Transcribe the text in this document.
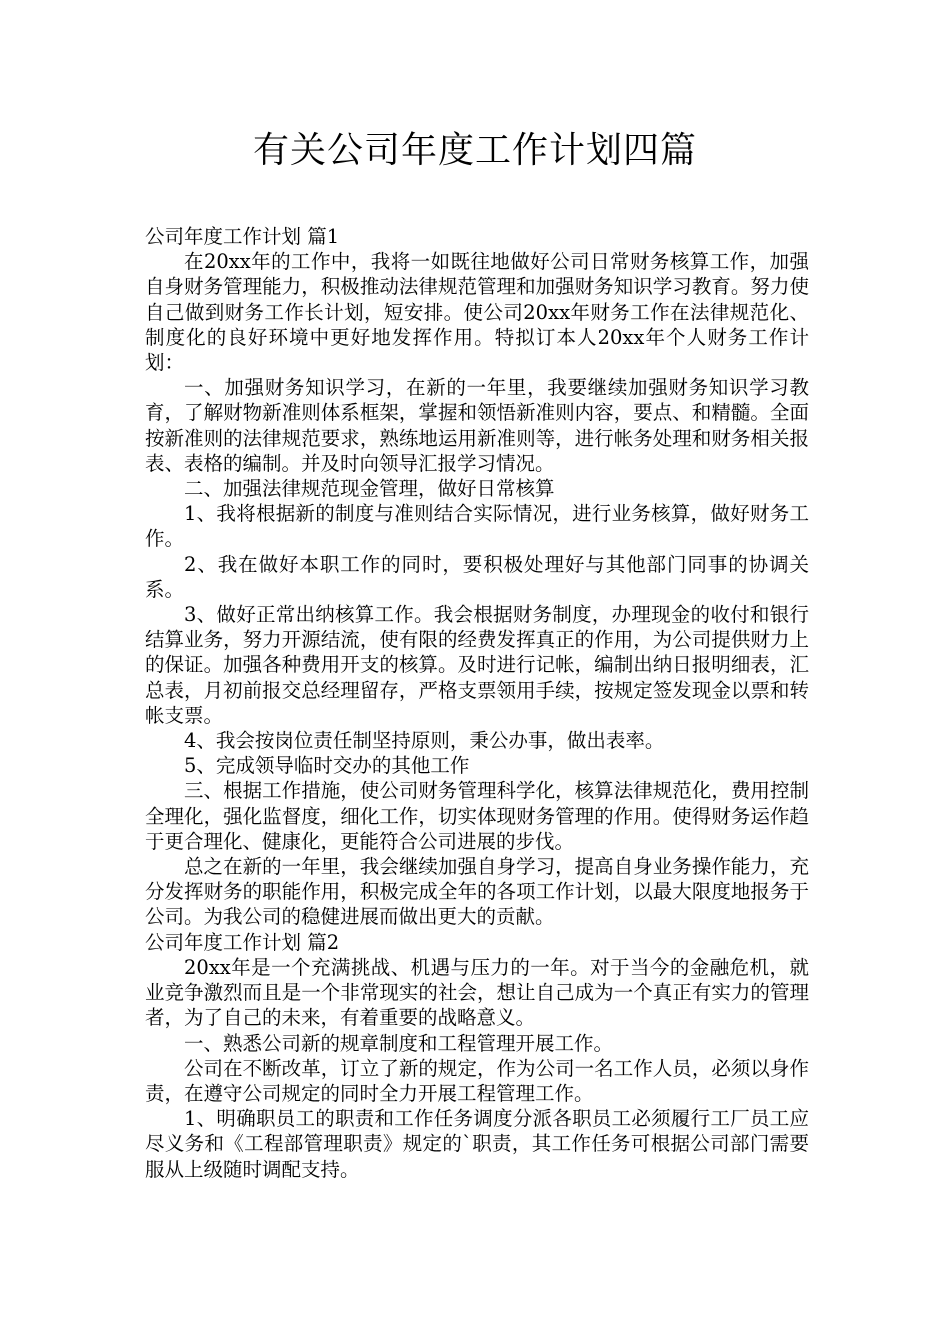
有关公司年度工作计划四篇

公司年度工作计划 篇1

在20xx年的工作中，我将一如既往地做好公司日常财务核算工作，加强自身财务管理能力，积极推动法律规范管理和加强财务知识学习教育。努力使自己做到财务工作长计划，短安排。使公司20xx年财务工作在法律规范化、制度化的良好环境中更好地发挥作用。特拟订本人20xx年个人财务工作计划：

一、加强财务知识学习，在新的一年里，我要继续加强财务知识学习教育，了解财物新准则体系框架，掌握和领悟新准则内容，要点、和精髓。全面按新准则的法律规范要求，熟练地运用新准则等，进行帐务处理和财务相关报表、表格的编制。并及时向领导汇报学习情况。

二、加强法律规范现金管理，做好日常核算

1、我将根据新的制度与准则结合实际情况，进行业务核算，做好财务工作。

2、我在做好本职工作的同时，要积极处理好与其他部门同事的协调关系。

3、做好正常出纳核算工作。我会根据财务制度，办理现金的收付和银行结算业务，努力开源结流，使有限的经费发挥真正的作用，为公司提供财力上的保证。加强各种费用开支的核算。及时进行记帐，编制出纳日报明细表，汇总表，月初前报交总经理留存，严格支票领用手续，按规定签发现金以票和转帐支票。

4、我会按岗位责任制坚持原则，秉公办事，做出表率。

5、完成领导临时交办的其他工作

三、根据工作措施，使公司财务管理科学化，核算法律规范化，费用控制全理化，强化监督度，细化工作，切实体现财务管理的作用。使得财务运作趋于更合理化、健康化，更能符合公司进展的步伐。

总之在新的一年里，我会继续加强自身学习，提高自身业务操作能力，充分发挥财务的职能作用，积极完成全年的各项工作计划，以最大限度地报务于公司。为我公司的稳健进展而做出更大的贡献。

公司年度工作计划 篇2

20xx年是一个充满挑战、机遇与压力的一年。对于当今的金融危机，就业竞争激烈而且是一个非常现实的社会，想让自己成为一个真正有实力的管理者，为了自己的未来，有着重要的战略意义。

一、熟悉公司新的规章制度和工程管理开展工作。

公司在不断改革，订立了新的规定，作为公司一名工作人员，必须以身作责，在遵守公司规定的同时全力开展工程管理工作。

1、明确职员工的职责和工作任务调度分派各职员工必须履行工厂员工应尽义务和《工程部管理职责》规定的`职责，其工作任务可根据公司部门需要服从上级随时调配支持。
